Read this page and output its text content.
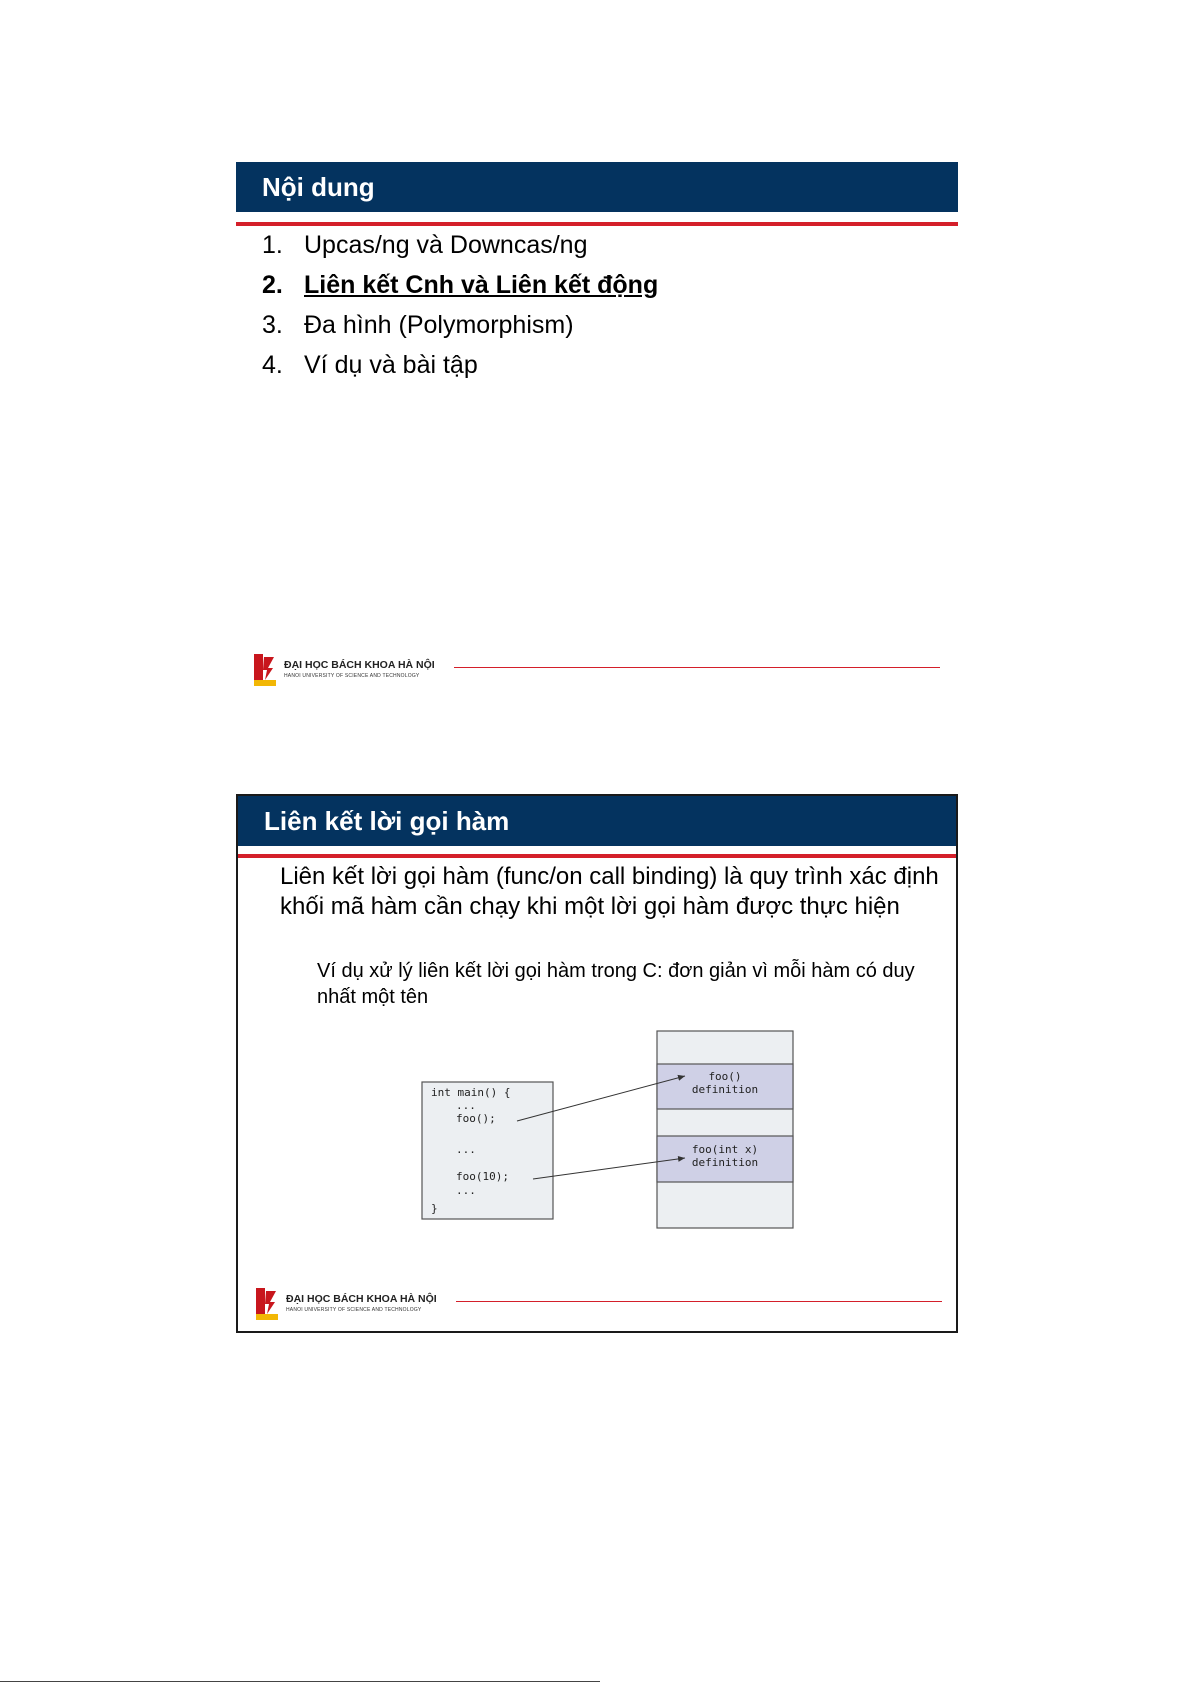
Nội dung
1. Upcas/ng và Downcas/ng
2. Liên kết Cnh và Liên kết động
3. Đa hình (Polymorphism)
4. Ví dụ và bài tập
ĐẠI HỌC BÁCH KHOA HÀ NỘI
HANOI UNIVERSITY OF SCIENCE AND TECHNOLOGY
Liên kết lời gọi hàm
Liên kết lời gọi hàm (func/on call binding) là quy trình xác định khối mã hàm cần chạy khi một lời gọi hàm được thực hiện
Ví dụ xử lý liên kết lời gọi hàm trong C: đơn giản vì mỗi hàm có duy nhất một tên
int main() {
...
foo();
...
foo(10);
...
}
foo()
definition
foo(int x)
definition
ĐẠI HỌC BÁCH KHOA HÀ NỘI
HANOI UNIVERSITY OF SCIENCE AND TECHNOLOGY
